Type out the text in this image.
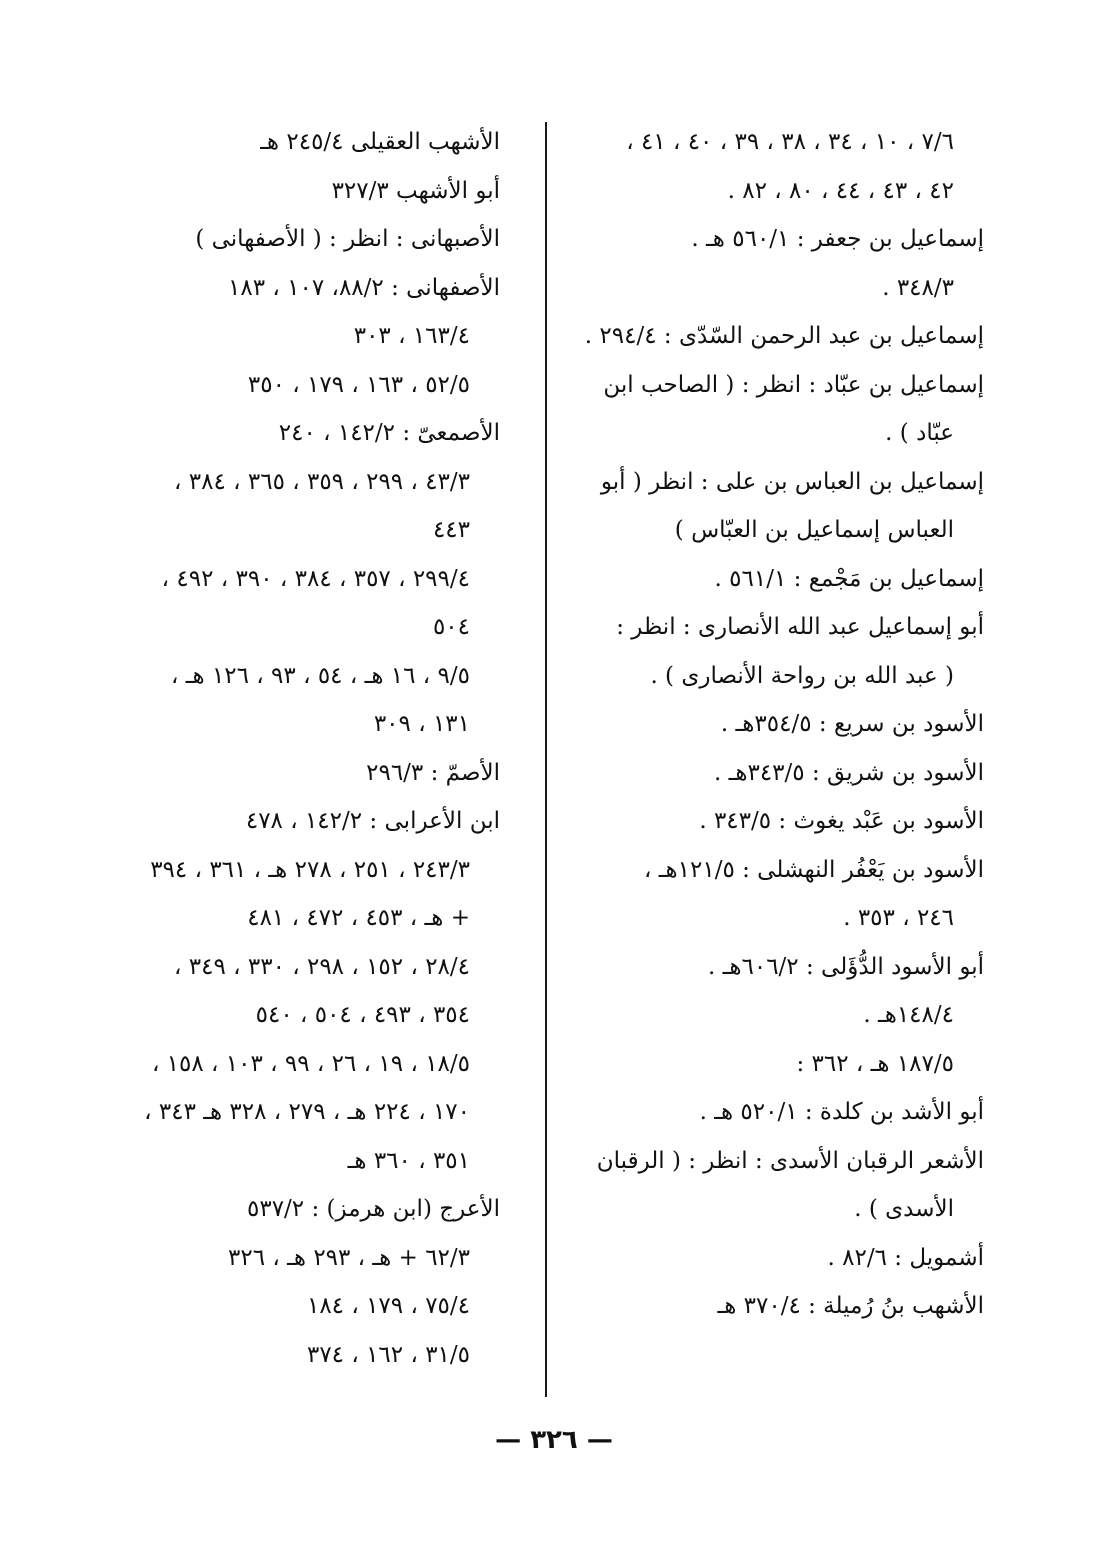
٧/٦ ، ١٠ ، ٣٤ ، ٣٨ ، ٣٩ ، ٤٠ ، ٤١ ،
٤٢ ، ٤٣ ، ٤٤ ، ٨٠ ، ٨٢ .
إسماعيل بن جعفر : ٥٦٠/١ هـ .
٣٤٨/٣ .
إسماعيل بن عبد الرحمن السّدّى : ٢٩٤/٤ .
إسماعيل بن عبّاد : انظر : ( الصاحب ابن
عبّاد ) .
إسماعيل بن العباس بن على : انظر ( أبو
العباس إسماعيل بن العبّاس )
إسماعيل بن مَجْمع : ٥٦١/١ .
أبو إسماعيل عبد الله الأنصارى : انظر :
( عبد الله بن رواحة الأنصارى ) .
الأسود بن سريع : ٣٥٤/٥هـ .
الأسود بن شريق : ٣٤٣/٥هـ .
الأسود بن عَبْد يغوث : ٣٤٣/٥ .
الأسود بن يَعْفُر النهشلى : ١٢١/٥هـ ،
٢٤٦ ، ٣٥٣ .
أبو الأسود الدُّؤَلى : ٦٠٦/٢هـ .
١٤٨/٤هـ .
١٨٧/٥ هـ ، ٣٦٢ :
أبو الأشد بن كلدة : ٥٢٠/١ هـ .
الأشعر الرقبان الأسدى : انظر : ( الرقبان
الأسدى ) .
أشمويل : ٨٢/٦ .
الأشهب بنُ رُميلة : ٣٧٠/٤ هـ
الأشهب العقيلى ٢٤٥/٤ هـ
أبو الأشهب ٣٢٧/٣
الأصبهانى : انظر : ( الأصفهانى )
الأصفهانى : ٨٨/٢، ١٠٧ ، ١٨٣
١٦٣/٤ ، ٣٠٣
٥٢/٥ ، ١٦٣ ، ١٧٩ ، ٣٥٠
الأصمعىّ : ١٤٢/٢ ، ٢٤٠
٤٣/٣ ، ٢٩٩ ، ٣٥٩ ، ٣٦٥ ، ٣٨٤ ،
٤٤٣
٢٩٩/٤ ، ٣٥٧ ، ٣٨٤ ، ٣٩٠ ، ٤٩٢ ،
٥٠٤
٩/٥ ، ١٦ هـ ، ٥٤ ، ٩٣ ، ١٢٦ هـ ،
١٣١ ، ٣٠٩
الأصمّ : ٢٩٦/٣
ابن الأعرابى : ١٤٢/٢ ، ٤٧٨
٢٤٣/٣ ، ٢٥١ ، ٢٧٨ هـ ، ٣٦١ ، ٣٩٤
+ هـ ، ٤٥٣ ، ٤٧٢ ، ٤٨١
٢٨/٤ ، ١٥٢ ، ٢٩٨ ، ٣٣٠ ، ٣٤٩ ،
٣٥٤ ، ٤٩٣ ، ٥٠٤ ، ٥٤٠
١٨/٥ ، ١٩ ، ٢٦ ، ٩٩ ، ١٠٣ ، ١٥٨ ،
١٧٠ ، ٢٢٤ هـ ، ٢٧٩ ، ٣٢٨ هـ ٣٤٣ ،
٣٥١ ، ٣٦٠ هـ
الأعرج (ابن هرمز) : ٥٣٧/٢
٦٢/٣ + هـ ، ٢٩٣ هـ ، ٣٢٦
٧٥/٤ ، ١٧٩ ، ١٨٤
٣١/٥ ، ١٦٢ ، ٣٧٤
— ٣٢٦ —
